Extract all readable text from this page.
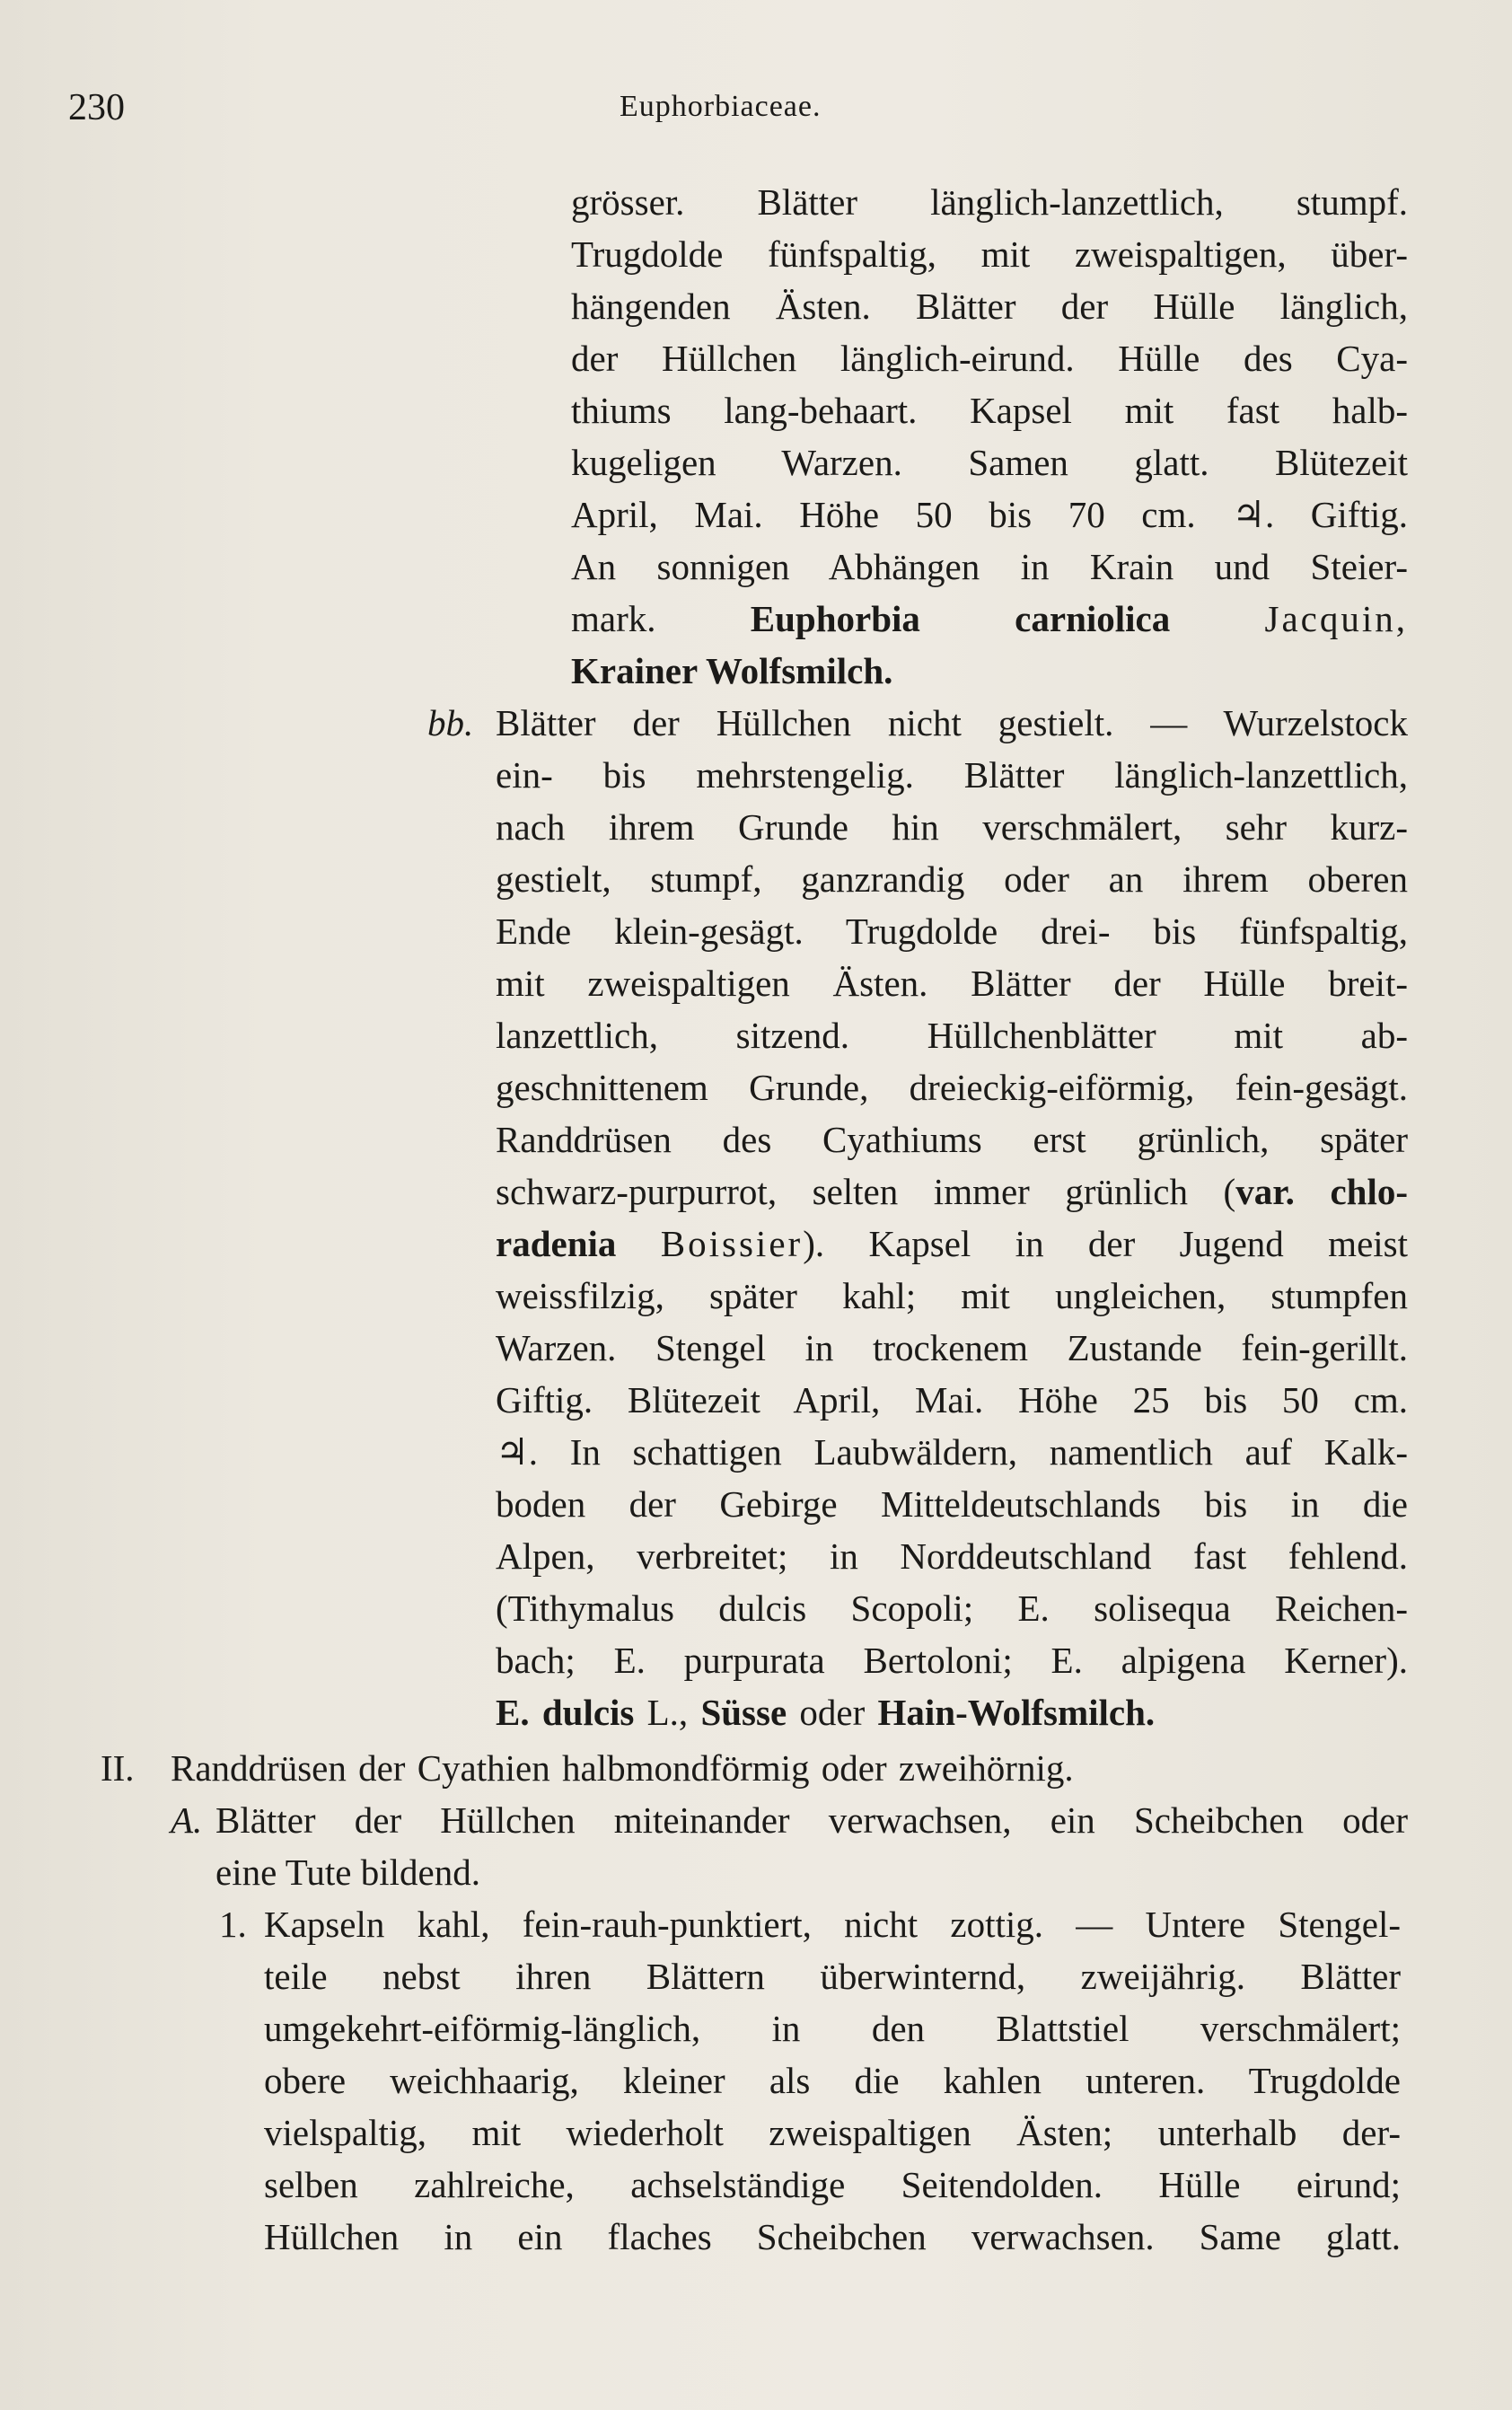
230	Euphorbiaceae.
grösser. Blätter länglich-lanzettlich, stumpf.
Trugdolde fünfspaltig, mit zweispaltigen, über-
hängenden Ästen. Blätter der Hülle länglich,
der Hüllchen länglich-eirund. Hülle des Cya-
thiums lang-behaart. Kapsel mit fast halb-
kugeligen Warzen. Samen glatt. Blütezeit
April, Mai. Höhe 50 bis 70 cm. ♃. Giftig.
An sonnigen Abhängen in Krain und Steier-
mark.	Euphorbia carniolica	Jacquin,
Krainer Wolfsmilch.
bb. Blätter der Hüllchen nicht gestielt. — Wurzelstock
ein- bis mehrstengelig. Blätter länglich-lanzettlich,
nach ihrem Grunde hin verschmälert, sehr kurz-
gestielt, stumpf, ganzrandig oder an ihrem oberen
Ende klein-gesägt. Trugdolde drei- bis fünfspaltig,
mit zweispaltigen Ästen. Blätter der Hülle breit-
lanzettlich, sitzend. Hüllchenblätter mit ab-
geschnittenem Grunde, dreieckig-eiförmig, fein-gesägt.
Randdrüsen des Cyathiums erst grünlich, später
schwarz-purpurrot, selten immer grünlich (var. chlo-
radenia Boissier). Kapsel in der Jugend meist
weissfilzig, später kahl; mit ungleichen, stumpfen
Warzen. Stengel in trockenem Zustande fein-gerillt.
Giftig. Blütezeit April, Mai. Höhe 25 bis 50 cm.
♃. In schattigen Laubwäldern, namentlich auf Kalk-
boden der Gebirge Mitteldeutschlands bis in die
Alpen, verbreitet; in Norddeutschland fast fehlend.
(Tithymalus dulcis Scopoli; E. solisequa Reichen-
bach; E. purpurata Bertoloni; E. alpigena Kerner).
E. dulcis L., Süsse oder Hain-Wolfsmilch.
II. Randdrüsen der Cyathien halbmondförmig oder zweihörnig.
A. Blätter der Hüllchen miteinander verwachsen, ein Scheibchen oder
eine Tute bildend.
1. Kapseln kahl, fein-rauh-punktiert, nicht zottig. — Untere Stengel-
teile nebst ihren Blättern überwinternd, zweijährig. Blätter
umgekehrt-eiförmig-länglich, in den Blattstiel verschmälert;
obere weichhaarig, kleiner als die kahlen unteren. Trugdolde
vielspaltig, mit wiederholt zweispaltigen Ästen; unterhalb der-
selben zahlreiche, achselständige Seitendolden. Hülle eirund;
Hüllchen in ein flaches Scheibchen verwachsen. Same glatt.
